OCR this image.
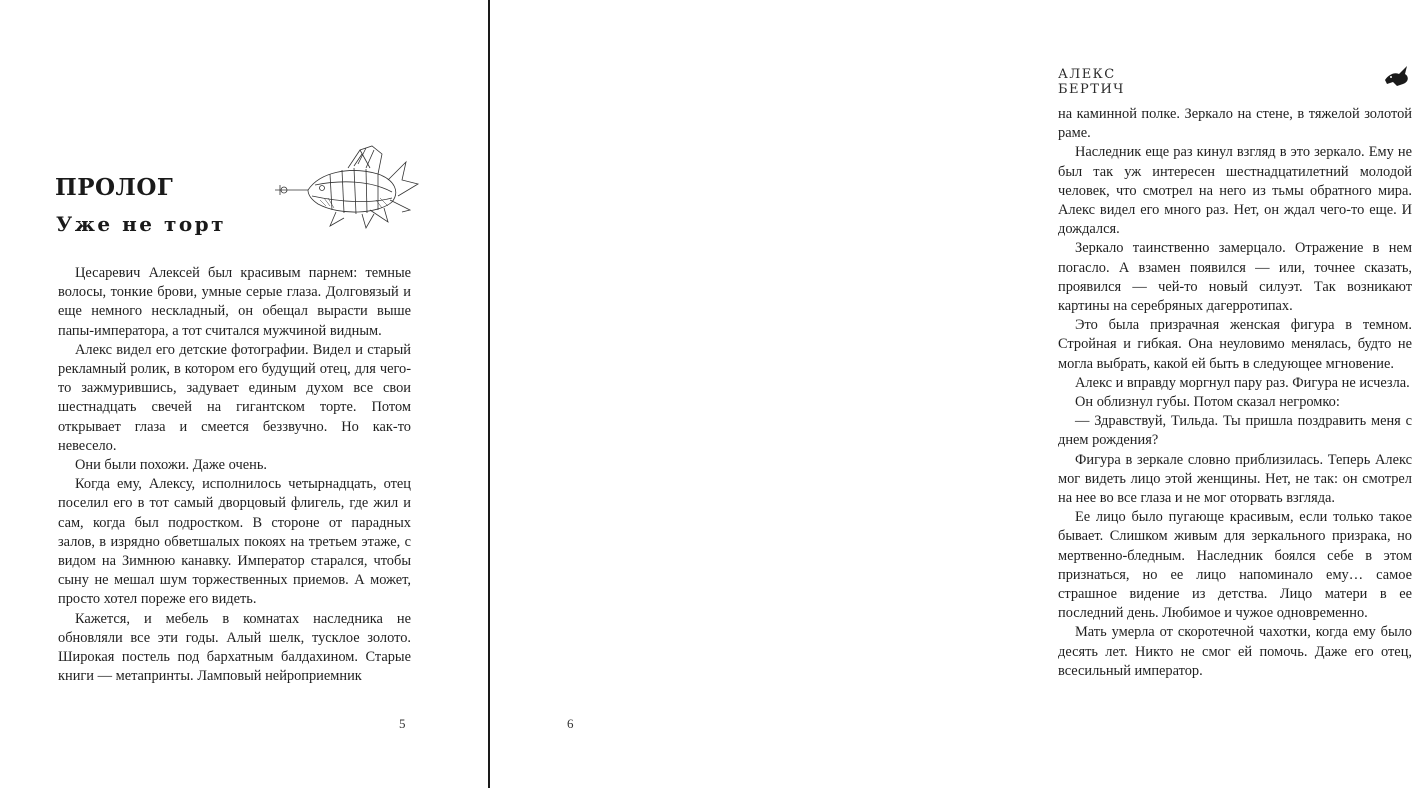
ПРОЛОГ
Уже не торт

Цесаревич Алексей был красивым парнем: темные волосы, тонкие брови, умные серые глаза. Долговязый и еще немного нескладный, он обещал вырасти выше папы-императора, а тот считался мужчиной видным.

Алекс видел его детские фотографии. Видел и старый рекламный ролик, в котором его будущий отец, для чего-то зажмурившись, задувает единым духом все свои шестнадцать свечей на гигантском торте. Потом открывает глаза и смеется беззвучно. Но как-то невесело.

Они были похожи. Даже очень.

Когда ему, Алексу, исполнилось четырнадцать, отец поселил его в тот самый дворцовый флигель, где жил и сам, когда был подростком. В стороне от парадных залов, в изрядно обветшалых покоях на третьем этаже, с видом на Зимнюю канавку. Император старался, чтобы сыну не мешал шум торжественных приемов. А может, просто хотел пореже его видеть.

Кажется, и мебель в комнатах наследника не обновляли все эти годы. Алый шелк, тусклое золото. Широкая постель под бархатным балдахином. Старые книги — метапринты. Ламповый нейроприемник

5
АЛЕКС БЕРТИЧ

на каминной полке. Зеркало на стене, в тяжелой золотой раме.

Наследник еще раз кинул взгляд в это зеркало. Ему не был так уж интересен шестнадцатилетний молодой человек, что смотрел на него из тьмы обратного мира. Алекс видел его много раз. Нет, он ждал чего-то еще. И дождался.

Зеркало таинственно замерцало. Отражение в нем погасло. А взамен появился — или, точнее сказать, проявился — чей-то новый силуэт. Так возникают картины на серебряных дагерротипах.

Это была призрачная женская фигура в темном. Стройная и гибкая. Она неуловимо менялась, будто не могла выбрать, какой ей быть в следующее мгновение.

Алекс и вправду моргнул пару раз. Фигура не исчезла.

Он облизнул губы. Потом сказал негромко:

— Здравствуй, Тильда. Ты пришла поздравить меня с днем рождения?

Фигура в зеркале словно приблизилась. Теперь Алекс мог видеть лицо этой женщины. Нет, не так: он смотрел на нее во все глаза и не мог оторвать взгляда.

Ее лицо было пугающе красивым, если только такое бывает. Слишком живым для зеркального призрака, но мертвенно-бледным. Наследник боялся себе в этом признаться, но ее лицо напоминало ему… самое страшное видение из детства. Лицо матери в ее последний день. Любимое и чужое одновременно.

Мать умерла от скоротечной чахотки, когда ему было десять лет. Никто не смог ей помочь. Даже его отец, всесильный император.

6
